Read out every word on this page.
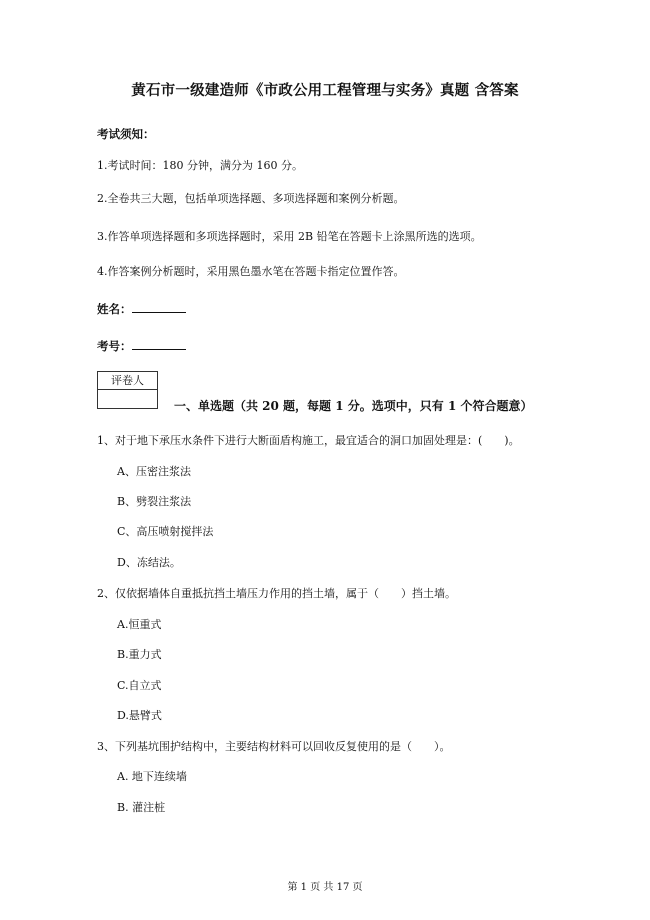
黄石市一级建造师《市政公用工程管理与实务》真题 含答案
考试须知：
1.考试时间：180 分钟，满分为 160 分。
2.全卷共三大题，包括单项选择题、多项选择题和案例分析题。
3.作答单项选择题和多项选择题时，采用 2B 铅笔在答题卡上涂黑所选的选项。
4.作答案例分析题时，采用黑色墨水笔在答题卡指定位置作答。
姓名：
考号：
评卷人
一、单选题（共 20 题，每题 1 分。选项中，只有 1 个符合题意）
1、对于地下承压水条件下进行大断面盾构施工，最宜适合的洞口加固处理是：(　　)。
A、压密注浆法
B、劈裂注浆法
C、高压喷射搅拌法
D、冻结法。
2、仅依据墙体自重抵抗挡土墙压力作用的挡土墙，属于（　　）挡土墙。
A.恒重式
B.重力式
C.自立式
D.悬臂式
3、下列基坑围护结构中，主要结构材料可以回收反复使用的是（　　）。
A. 地下连续墙
B. 灌注桩
第 1 页 共 17 页
